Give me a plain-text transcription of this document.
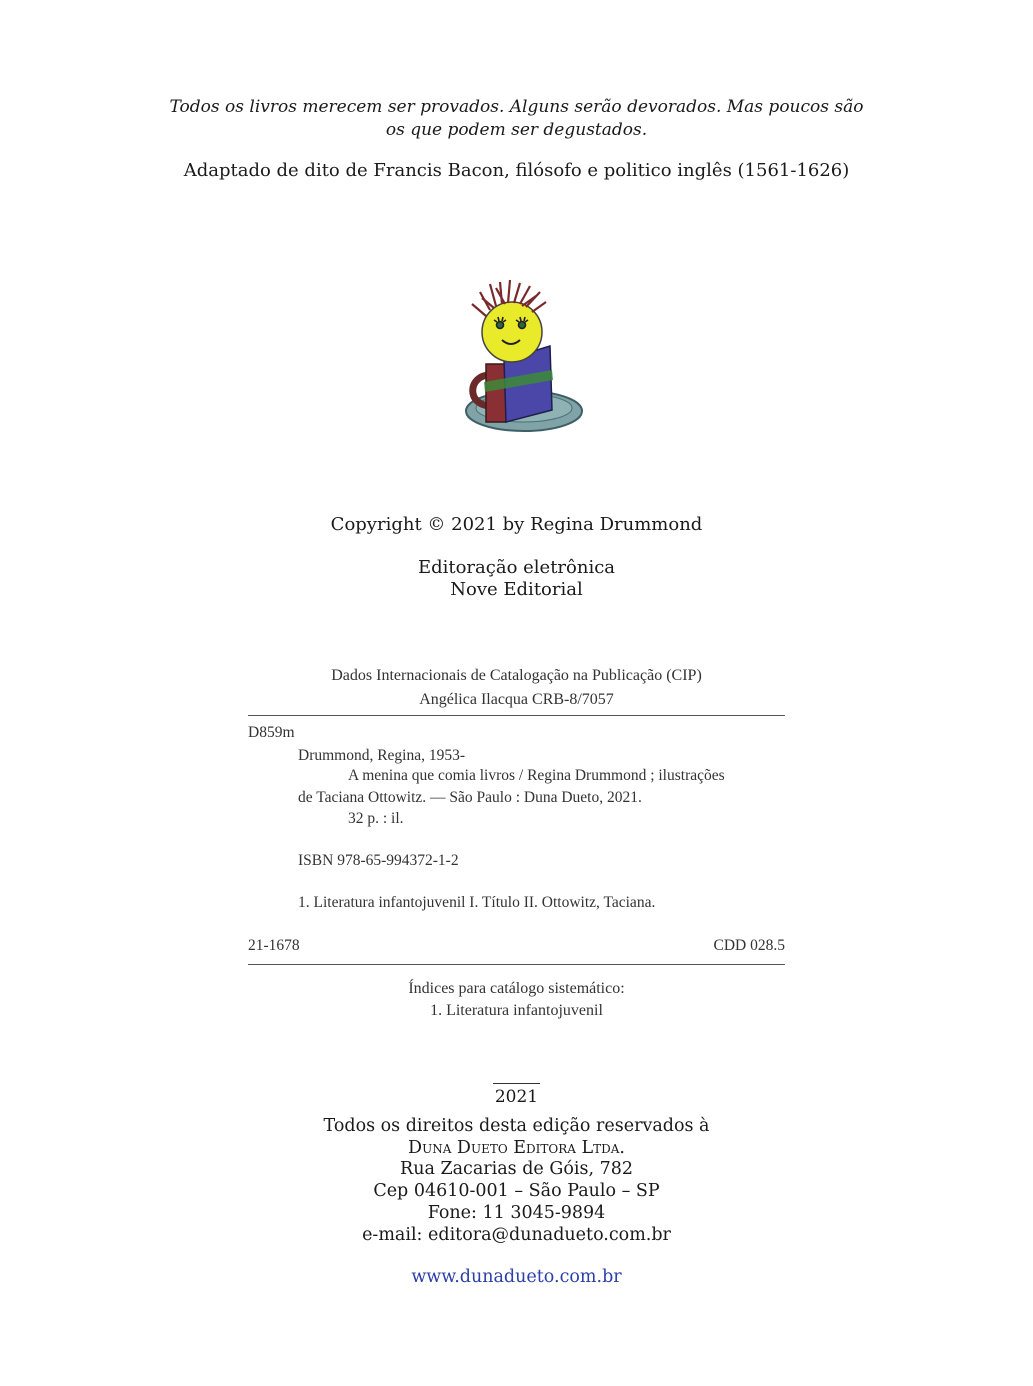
Todos os livros merecem ser provados. Alguns serão devorados. Mas poucos são
os que podem ser degustados.
Adaptado de dito de Francis Bacon, filósofo e politico inglês (1561-1626)
Copyright © 2021 by Regina Drummond
Editoração eletrônica
Nove Editorial
Dados Internacionais de Catalogação na Publicação (CIP)
Angélica Ilacqua CRB-8/7057
D859m
Drummond, Regina, 1953-
A menina que comia livros / Regina Drummond ; ilustrações
de Taciana Ottowitz. — São Paulo : Duna Dueto, 2021.
32 p. : il.
ISBN 978-65-994372-1-2
1. Literatura infantojuvenil I. Título II. Ottowitz, Taciana.
21-1678	CDD 028.5
Índices para catálogo sistemático:
1. Literatura infantojuvenil
2021
Todos os direitos desta edição reservados à
Duna Dueto Editora Ltda.
Rua Zacarias de Góis, 782
Cep 04610-001 – São Paulo – SP
Fone: 11 3045-9894
e-mail: editora@dunadueto.com.br
www.dunadueto.com.br
